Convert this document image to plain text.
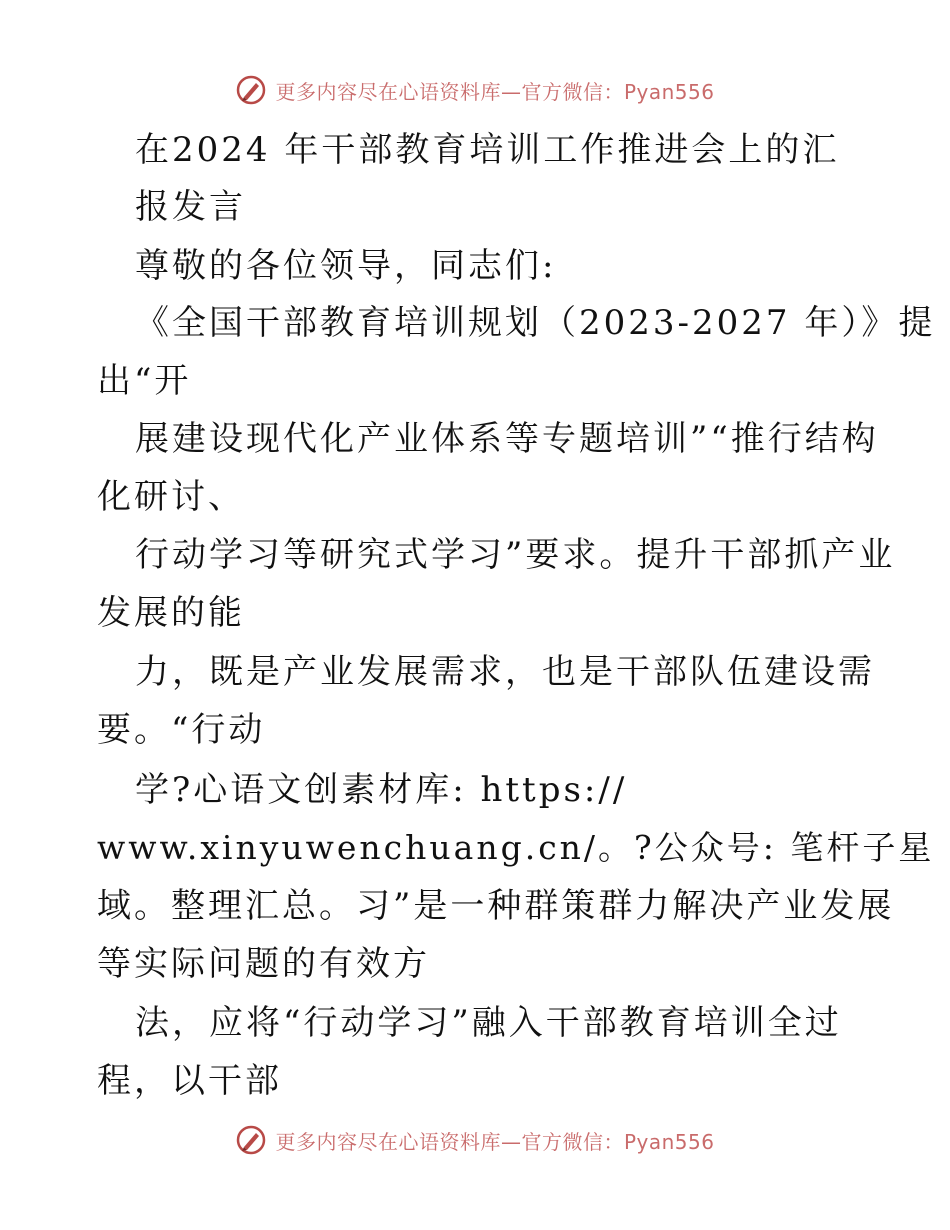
更多内容尽在心语资料库—官方微信：Pyan556
在2024 年干部教育培训工作推进会上的汇
报发言
尊敬的各位领导，同志们:
《全国干部教育培训规划（2023-2027 年）》提
出“开
展建设现代化产业体系等专题培训”“推行结构
化研讨、
行动学习等研究式学习”要求。提升干部抓产业
发展的能
力，既是产业发展需求，也是干部队伍建设需
要。“行动
学?心语文创素材库: https://
www.xinyuwenchuang.cn/。?公众号: 笔杆子星
域。整理汇总。习”是一种群策群力解决产业发展
等实际问题的有效方
法，应将“行动学习”融入干部教育培训全过
程，以干部
更多内容尽在心语资料库—官方微信：Pyan556
